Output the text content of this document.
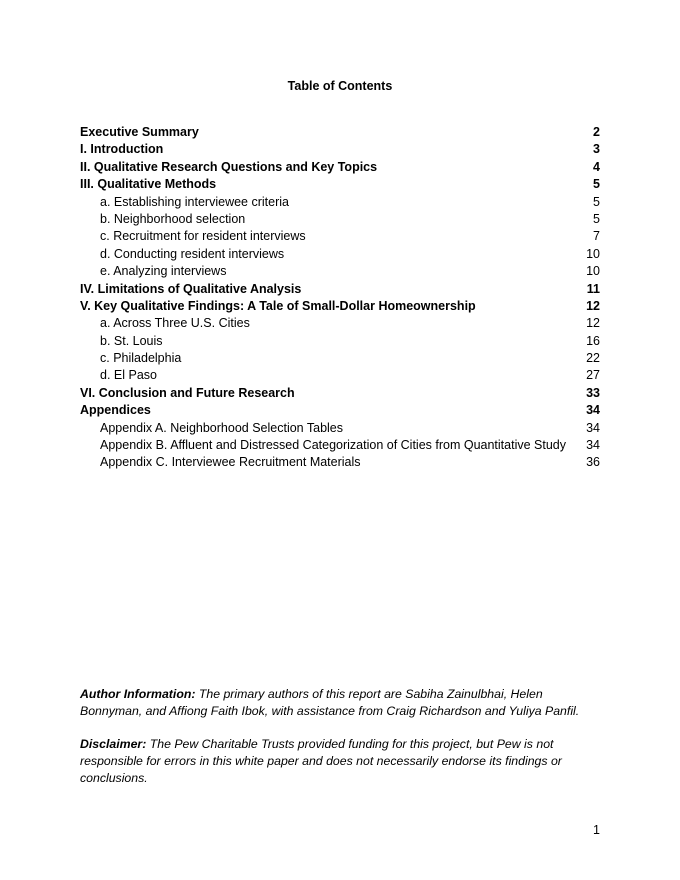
Table of Contents
Executive Summary	2
I. Introduction	3
II. Qualitative Research Questions and Key Topics	4
III. Qualitative Methods	5
a. Establishing interviewee criteria	5
b. Neighborhood selection	5
c. Recruitment for resident interviews	7
d. Conducting resident interviews	10
e. Analyzing interviews	10
IV. Limitations of Qualitative Analysis	11
V. Key Qualitative Findings: A Tale of Small-Dollar Homeownership	12
a. Across Three U.S. Cities	12
b. St. Louis	16
c. Philadelphia	22
d. El Paso	27
VI. Conclusion and Future Research	33
Appendices	34
Appendix A. Neighborhood Selection Tables	34
Appendix B. Affluent and Distressed Categorization of Cities from Quantitative Study 34
Appendix C. Interviewee Recruitment Materials	36
Author Information: The primary authors of this report are Sabiha Zainulbhai, Helen Bonnyman, and Affiong Faith Ibok, with assistance from Craig Richardson and Yuliya Panfil.
Disclaimer: The Pew Charitable Trusts provided funding for this project, but Pew is not responsible for errors in this white paper and does not necessarily endorse its findings or conclusions.
1
